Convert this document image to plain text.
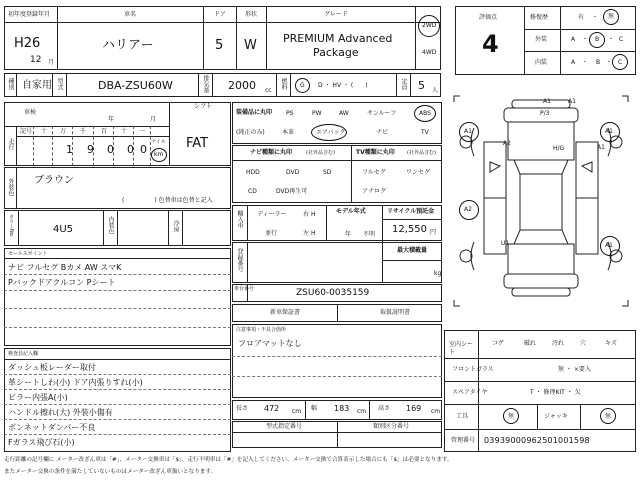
初年度登録年月
H26
12 月
車名
ハリアー
ドア
5
形状
W
グレード
PREMIUM Advanced
Package
2WD
4WD
種別 自家用 型式	DBA-ZSU60W	排気量 2000 cc
燃料 G D ・ HV ・ (　　)	定員 5 人
評価点
4
修復歴	有 ・ 無
外装	A ・ B ・ C
内装	A ・ B ・ C
車検
年	月
走行
記号 十 万 千 百 十 一
1 9 0 0 0
マイル
km
シフト
FAT
外装色 ブラウン
(　　　　　) 色替車は色替と記入
カラーNo.	4U5	内装色	冷房
装備品に丸印
(純正のみ)
PS	PW	AW	サンルーフ	ABS
本革	エアバック	ナビ	TV
ナビ種類に丸印	(社外品含む)
HDD	DVD	SD
CD	DVD再生可
TV種類に丸印 (社外品含む)
フルセグ	ワンセグ
アナログ
輸入車 ディーラー
並行
右 H
左 H
モデル年式
年　　不明
リサイクル預託金
12,550 円
登録番号	最大積載量
kg
車台番号	ZSU60-0035159
新車保証書	取扱説明書
注意事項・不具合箇所
フロアマットなし
長さ 472 cm 幅 183 cm 高さ 169 cm
型式指定番号	類別区分番号
セールスポイント
ナビ フルセグ Bカメ AW スマK
Pバックドアクルコン Pシート
検査員記入欄
ダッシュ板レーダー取付
革シートしわ(小) ドア内張りすれ(小)
ピラー内張A(小)
ハンドル擦れ(大) 外装小傷有
ボンネットダンパー不良
Fガラス飛び石(小)
A1	A1
P/3
A1	A1
A2
A1
H/G
A2
U1	A1
室内シート
コゲ	破れ	汚れ	穴	キズ
フロントガラス	無 ・ ×要入
スペアタイヤ	T ・ 修理KIT ・ 欠
工具	無	ジャッキ	無
管理番号 03939000962501001598
走行距離の記号欄に メーター改ざん車は「#」、メーター交換車は「$」、走行不明車は「#」を記入してください。メーター交換で合算表示した場合にも「$」は必要となります。
またメーター交換の条件を満たしていないものはメーター改ざん車扱いとなります。
